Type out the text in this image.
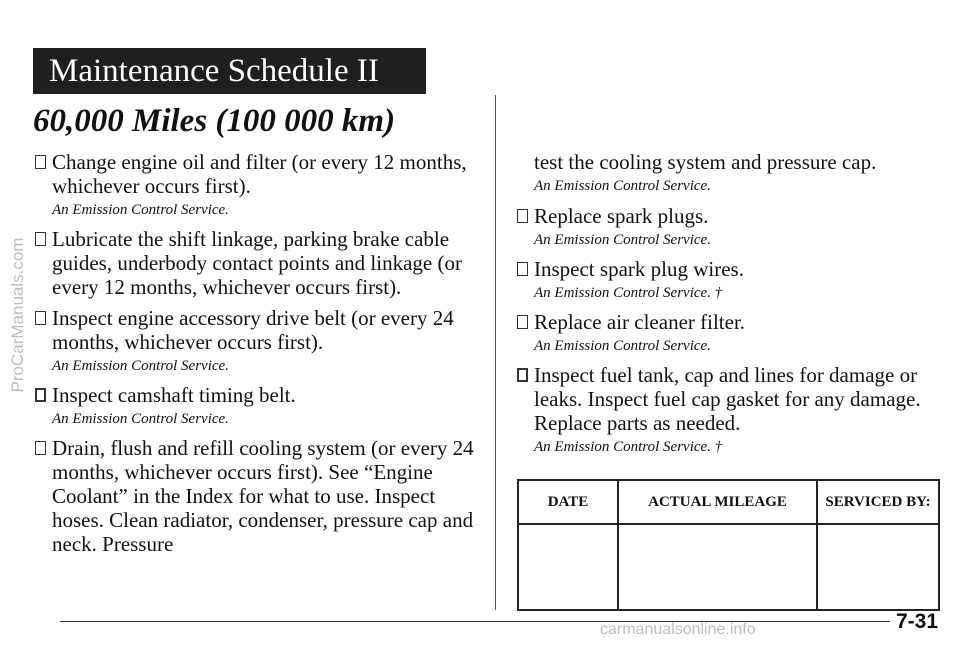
ProCarManuals.com
Maintenance Schedule II
60,000 Miles (100 000 km)
Change engine oil and filter (or every 12 months, whichever occurs first).
An Emission Control Service.
Lubricate the shift linkage, parking brake cable guides, underbody contact points and linkage (or every 12 months, whichever occurs first).
Inspect engine accessory drive belt (or every 24 months, whichever occurs first).
An Emission Control Service.
Inspect camshaft timing belt.
An Emission Control Service.
Drain, flush and refill cooling system (or every 24 months, whichever occurs first). See “Engine Coolant” in the Index for what to use. Inspect hoses. Clean radiator, condenser, pressure cap and neck. Pressure
test the cooling system and pressure cap.
An Emission Control Service.
Replace spark plugs.
An Emission Control Service.
Inspect spark plug wires.
An Emission Control Service. †
Replace air cleaner filter.
An Emission Control Service.
Inspect fuel tank, cap and lines for damage or leaks. Inspect fuel cap gasket for any damage. Replace parts as needed.
An Emission Control Service. †
DATE	ACTUAL MILEAGE	SERVICED BY:

carmanualsonline.info	7-31
